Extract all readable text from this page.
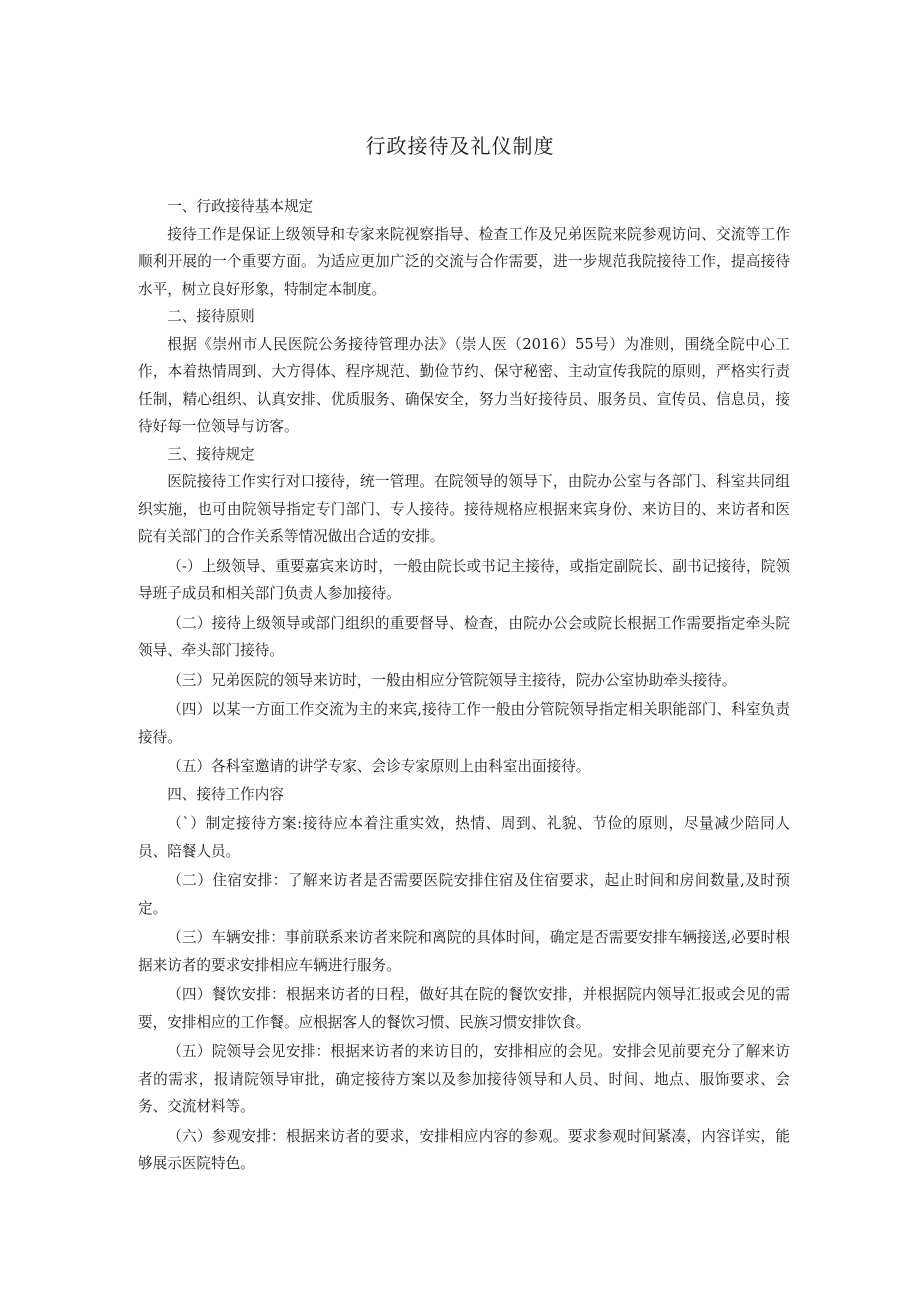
行政接待及礼仪制度

一、行政接待基本规定

接待工作是保证上级领导和专家来院视察指导、检查工作及兄弟医院来院参观访问、交流等工作顺利开展的一个重要方面。为适应更加广泛的交流与合作需要，进一步规范我院接待工作，提高接待水平，树立良好形象，特制定本制度。

二、接待原则

根据《崇州市人民医院公务接待管理办法》（崇人医（2016）55号）为准则，围绕全院中心工作，本着热情周到、大方得体、程序规范、勤俭节约、保守秘密、主动宣传我院的原则，严格实行责任制，精心组织、认真安排、优质服务、确保安全，努力当好接待员、服务员、宣传员、信息员，接待好每一位领导与访客。

三、接待规定

医院接待工作实行对口接待，统一管理。在院领导的领导下，由院办公室与各部门、科室共同组织实施，也可由院领导指定专门部门、专人接待。接待规格应根据来宾身份、来访目的、来访者和医院有关部门的合作关系等情况做出合适的安排。

（-）上级领导、重要嘉宾来访时，一般由院长或书记主接待，或指定副院长、副书记接待，院领导班子成员和相关部门负责人参加接待。

（二）接待上级领导或部门组织的重要督导、检查，由院办公会或院长根据工作需要指定牵头院领导、牵头部门接待。

（三）兄弟医院的领导来访时，一般由相应分管院领导主接待，院办公室协助牵头接待。

（四）以某一方面工作交流为主的来宾,接待工作一般由分管院领导指定相关职能部门、科室负责接待。

（五）各科室邀请的讲学专家、会诊专家原则上由科室出面接待。

四、接待工作内容

（`）制定接待方案:接待应本着注重实效，热情、周到、礼貌、节俭的原则，尽量减少陪同人员、陪餐人员。

（二）住宿安排：了解来访者是否需要医院安排住宿及住宿要求，起止时间和房间数量,及时预定。

（三）车辆安排：事前联系来访者来院和离院的具体时间，确定是否需要安排车辆接送,必要时根据来访者的要求安排相应车辆进行服务。

（四）餐饮安排：根据来访者的日程，做好其在院的餐饮安排，并根据院内领导汇报或会见的需要，安排相应的工作餐。应根据客人的餐饮习惯、民族习惯安排饮食。

（五）院领导会见安排：根据来访者的来访目的，安排相应的会见。安排会见前要充分了解来访者的需求，报请院领导审批，确定接待方案以及参加接待领导和人员、时间、地点、服饰要求、会务、交流材料等。

（六）参观安排：根据来访者的要求，安排相应内容的参观。要求参观时间紧凑，内容详实，能够展示医院特色。
